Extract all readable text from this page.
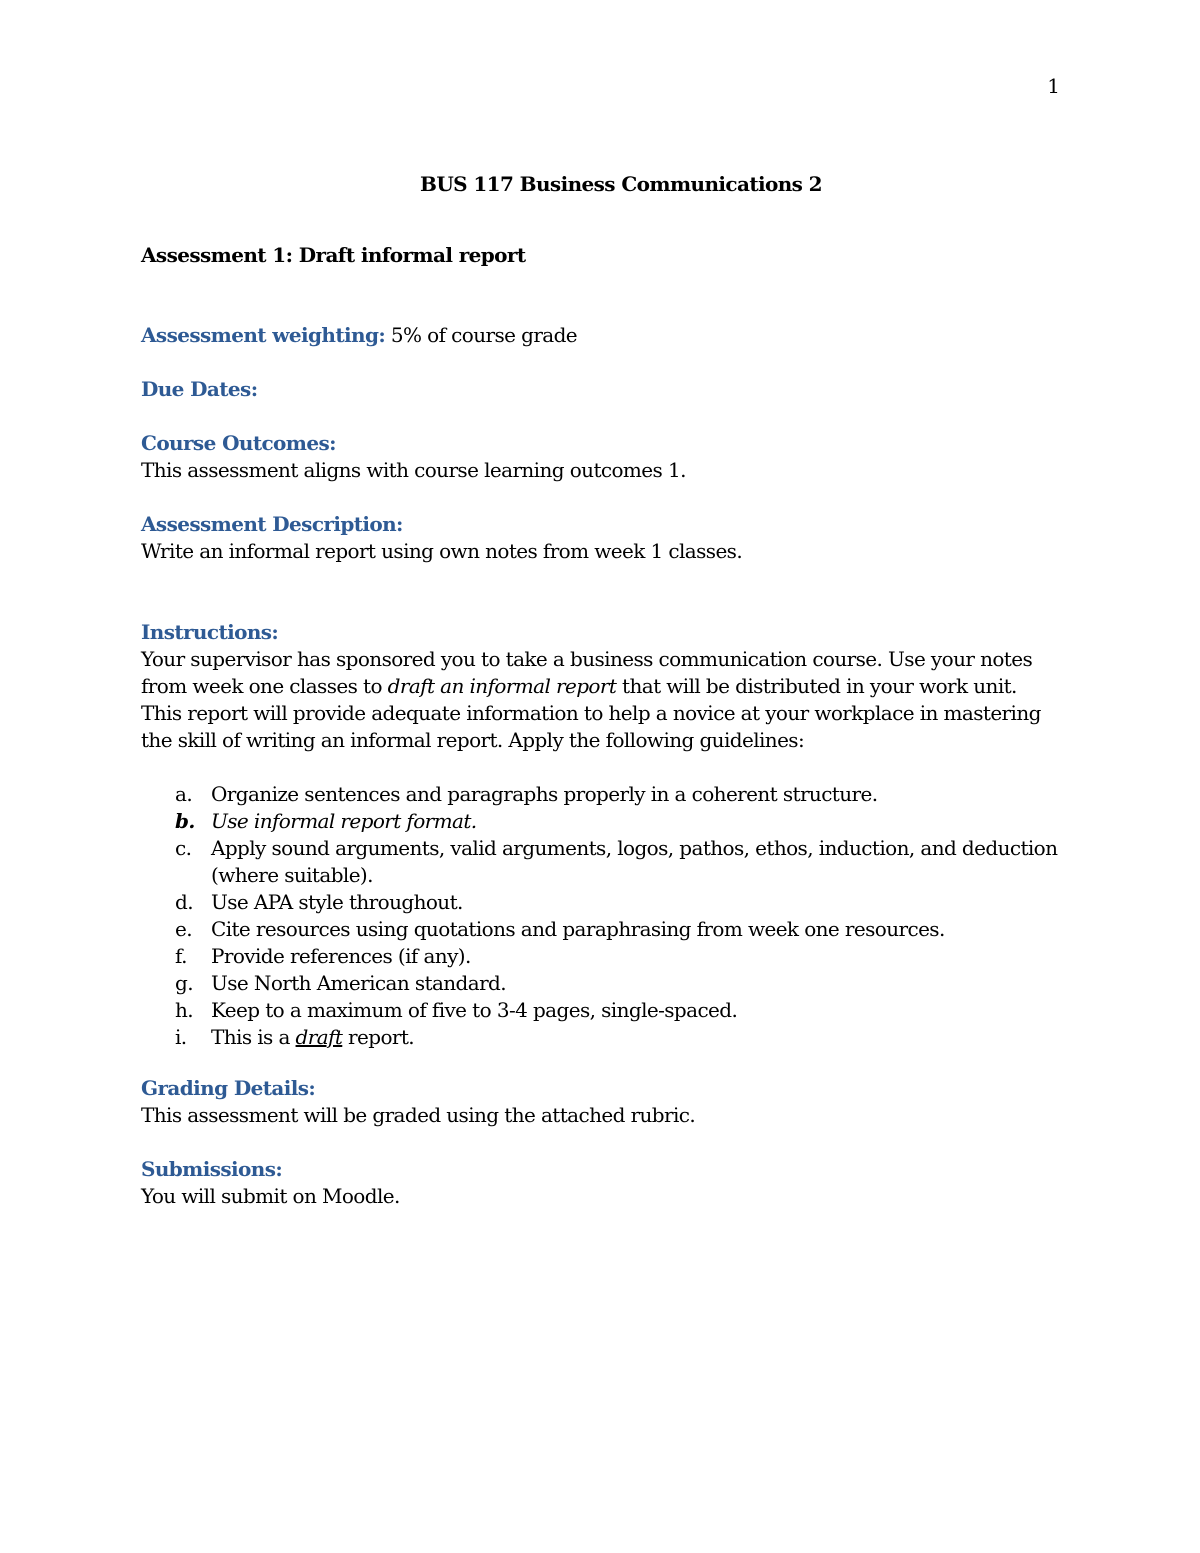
1

BUS 117 Business Communications 2

Assessment 1: Draft informal report

Assessment weighting: 5% of course grade

Due Dates:

Course Outcomes:

This assessment aligns with course learning outcomes 1.

Assessment Description:

Write an informal report using own notes from week 1 classes.

Instructions:

Your supervisor has sponsored you to take a business communication course. Use your notes from week one classes to draft an informal report that will be distributed in your work unit. This report will provide adequate information to help a novice at your workplace in mastering the skill of writing an informal report. Apply the following guidelines:

a. Organize sentences and paragraphs properly in a coherent structure.
b. Use informal report format.
c. Apply sound arguments, valid arguments, logos, pathos, ethos, induction, and deduction (where suitable).
d. Use APA style throughout.
e. Cite resources using quotations and paraphrasing from week one resources.
f.	Provide references (if any).
g. Use North American standard.
h. Keep to a maximum of five to 3-4 pages, single-spaced.
i.	This is a draft report.

Grading Details:

This assessment will be graded using the attached rubric.

Submissions:

You will submit on Moodle.
